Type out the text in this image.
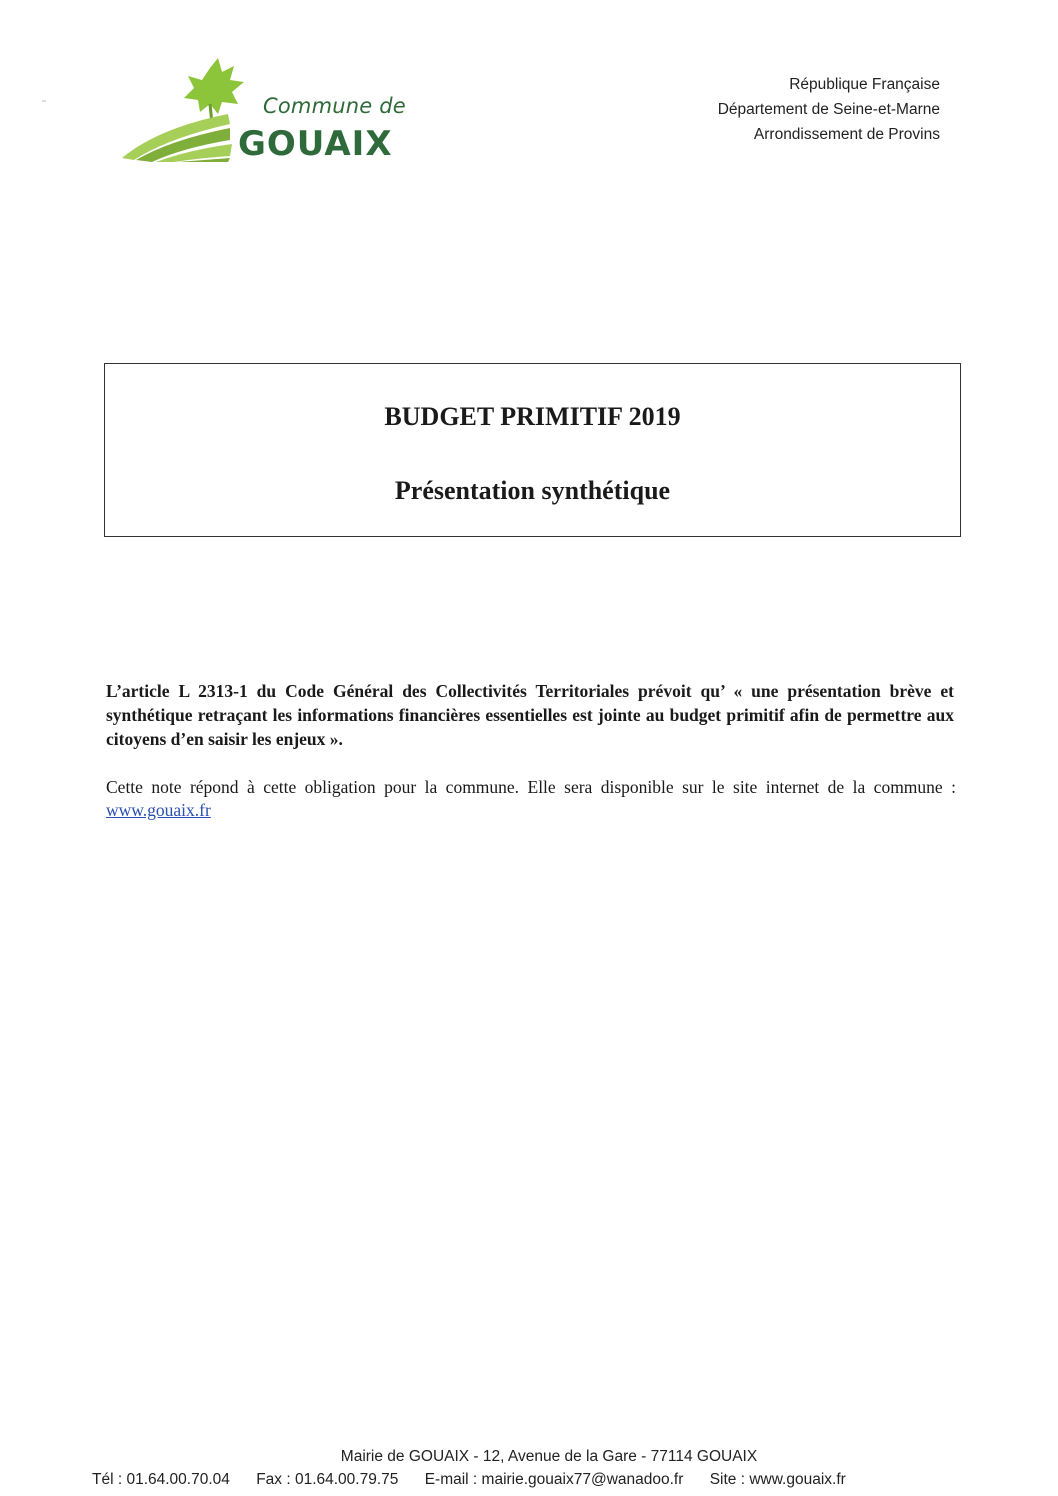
Commune de
GOUAIX
République Française
Département de Seine-et-Marne
Arrondissement de Provins
BUDGET PRIMITIF 2019
Présentation synthétique
L’article L 2313-1 du Code Général des Collectivités Territoriales prévoit qu’ « une présentation brève et synthétique retraçant les informations financières essentielles est jointe au budget primitif afin de permettre aux citoyens d’en saisir les enjeux ».
Cette note répond à cette obligation pour la commune. Elle sera disponible sur le site internet de la commune : www.gouaix.fr
Mairie de GOUAIX - 12, Avenue de la Gare - 77114 GOUAIX
Tél : 01.64.00.70.04 Fax : 01.64.00.79.75 E-mail : mairie.gouaix77@wanadoo.fr Site : www.gouaix.fr
